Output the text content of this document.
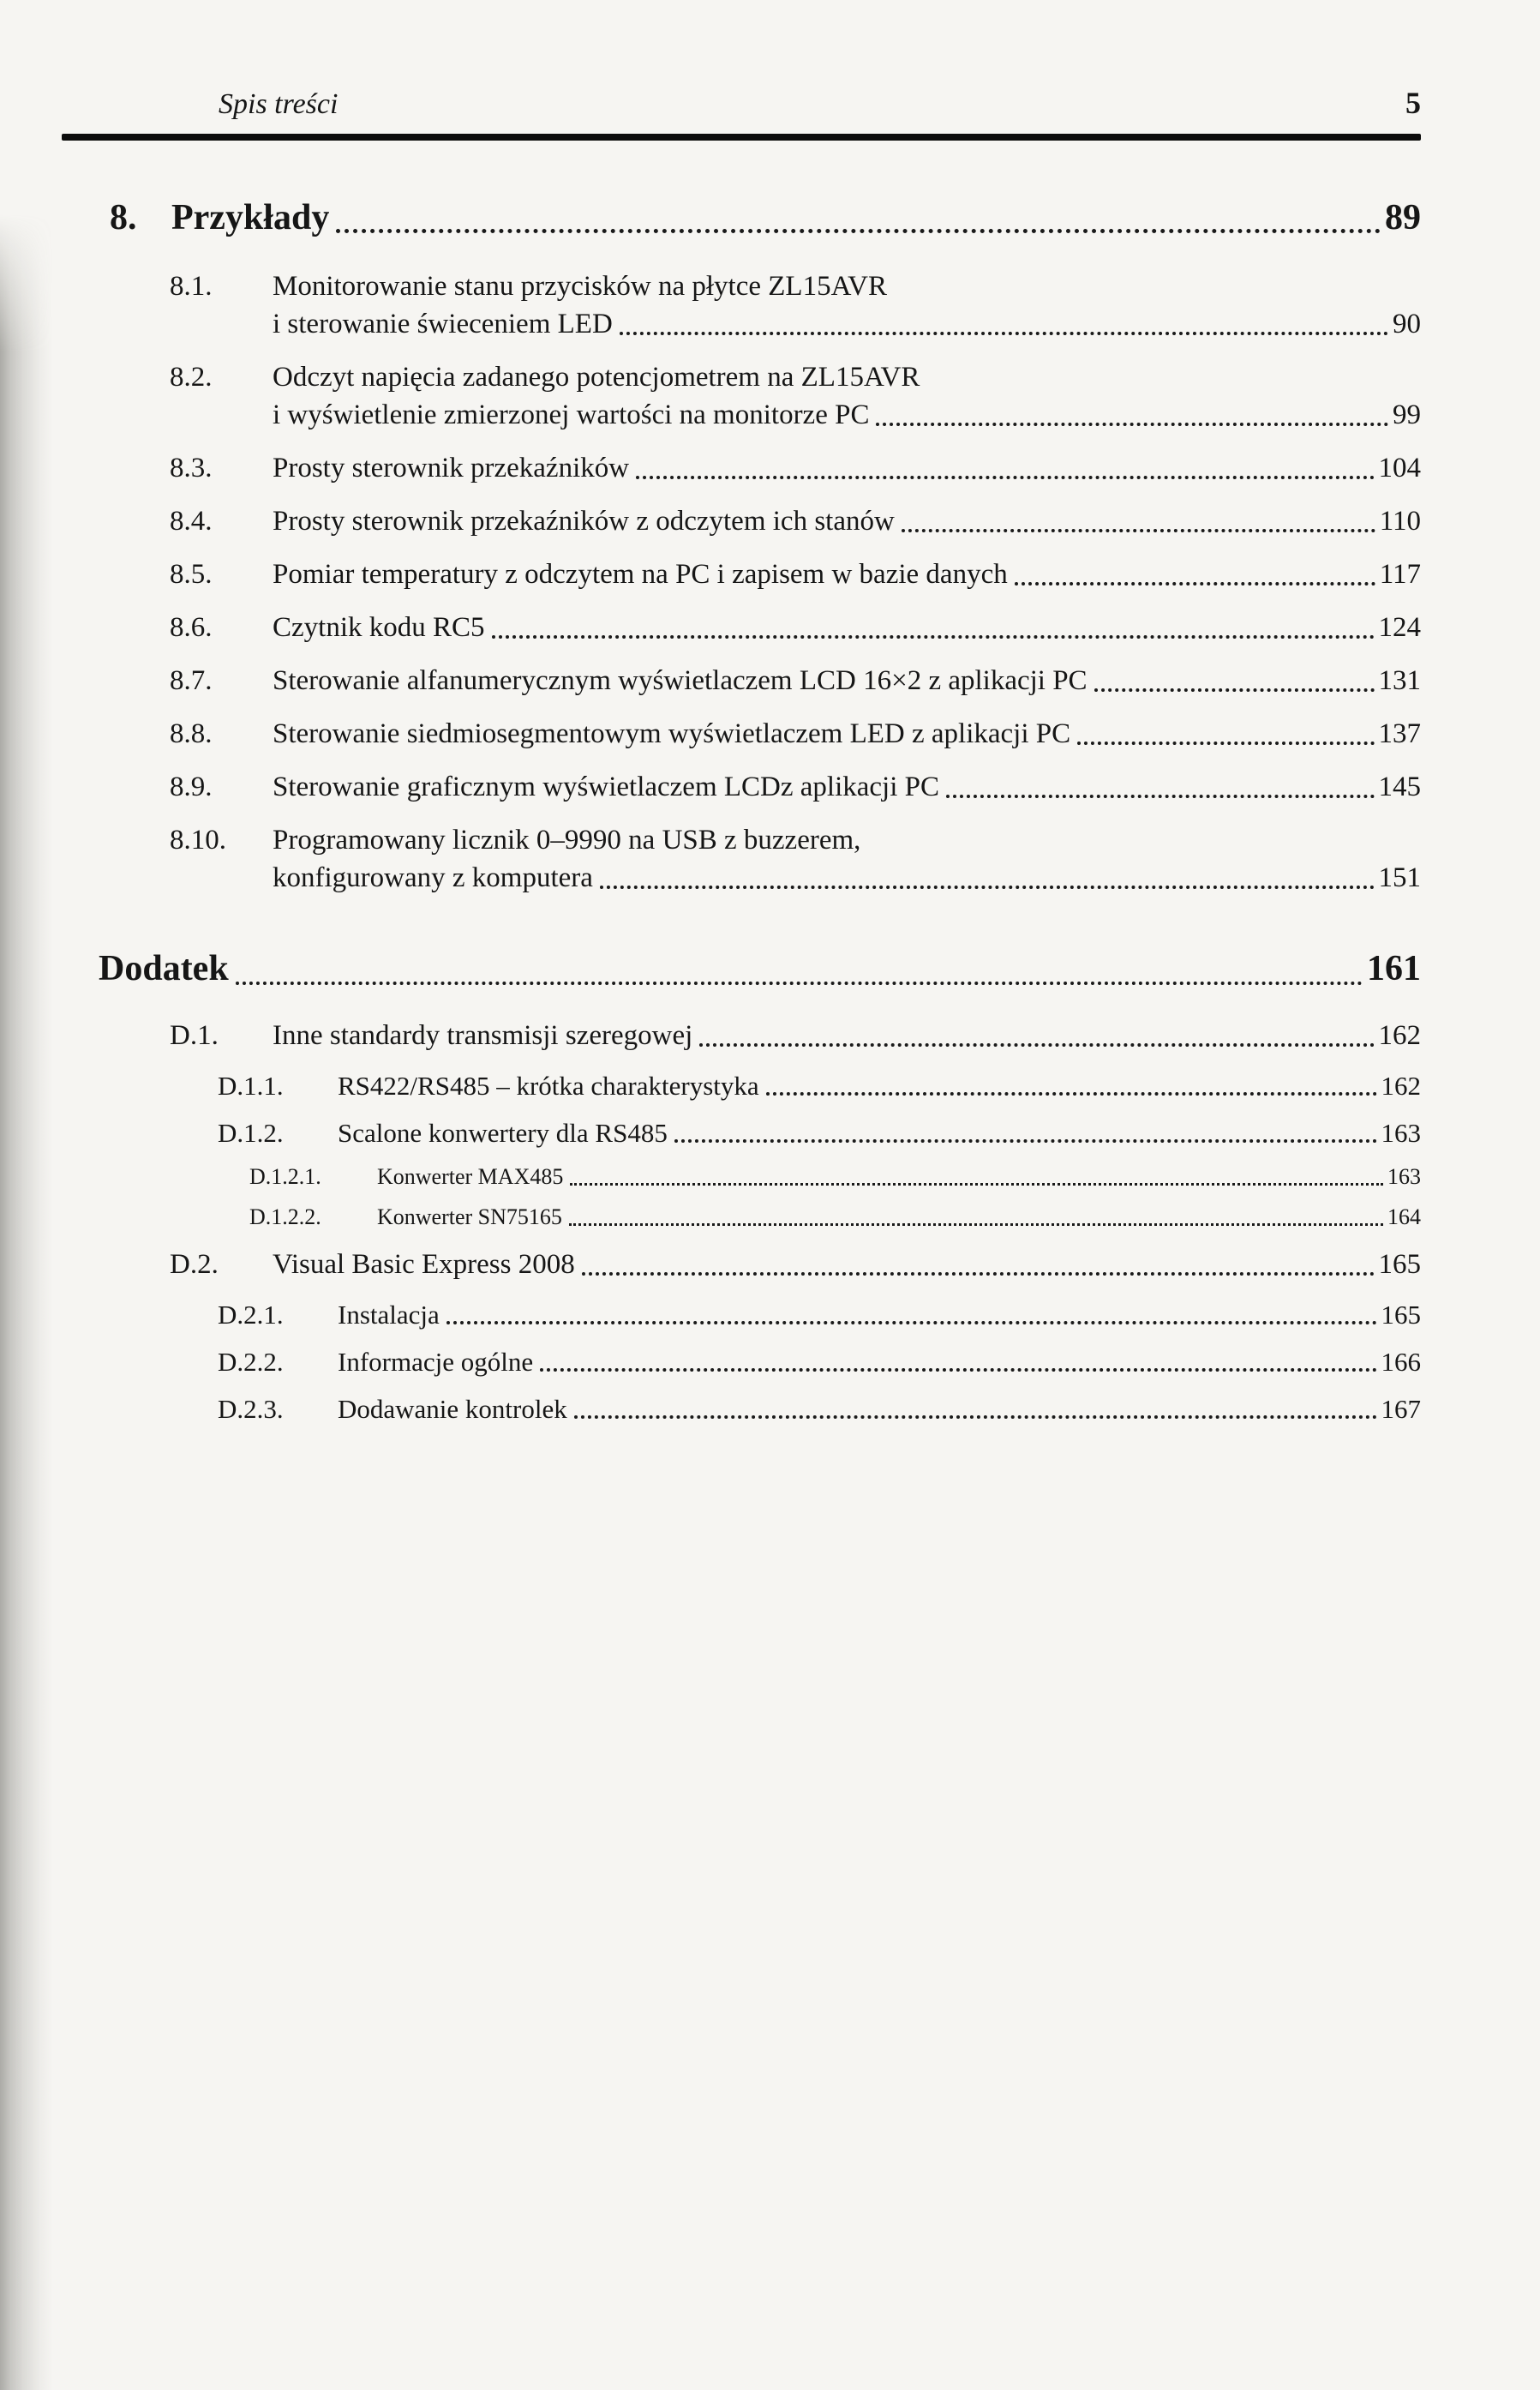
Spis treści	5
8. Przykłady	89
8.1.	Monitorowanie stanu przycisków na płytce ZL15AVR
i sterowanie świeceniem LED	90
8.2.	Odczyt napięcia zadanego potencjometrem na ZL15AVR
i wyświetlenie zmierzonej wartości na monitorze PC	99
8.3.	Prosty sterownik przekaźników	104
8.4.	Prosty sterownik przekaźników z odczytem ich stanów	110
8.5.	Pomiar temperatury z odczytem na PC i zapisem w bazie danych	117
8.6.	Czytnik kodu RC5	124
8.7.	Sterowanie alfanumerycznym wyświetlaczem LCD 16×2 z aplikacji PC	131
8.8.	Sterowanie siedmiosegmentowym wyświetlaczem LED z aplikacji PC	137
8.9.	Sterowanie graficznym wyświetlaczem LCDz aplikacji PC	145
8.10.	Programowany licznik 0–9990 na USB z buzzerem,
konfigurowany z komputera	151
Dodatek	161
D.1.	Inne standardy transmisji szeregowej	162
D.1.1.	RS422/RS485 – krótka charakterystyka	162
D.1.2.	Scalone konwertery dla RS485	163
D.1.2.1.	Konwerter MAX485	163
D.1.2.2.	Konwerter SN75165	164
D.2.	Visual Basic Express 2008	165
D.2.1.	Instalacja	165
D.2.2.	Informacje ogólne	166
D.2.3.	Dodawanie kontrolek	167
